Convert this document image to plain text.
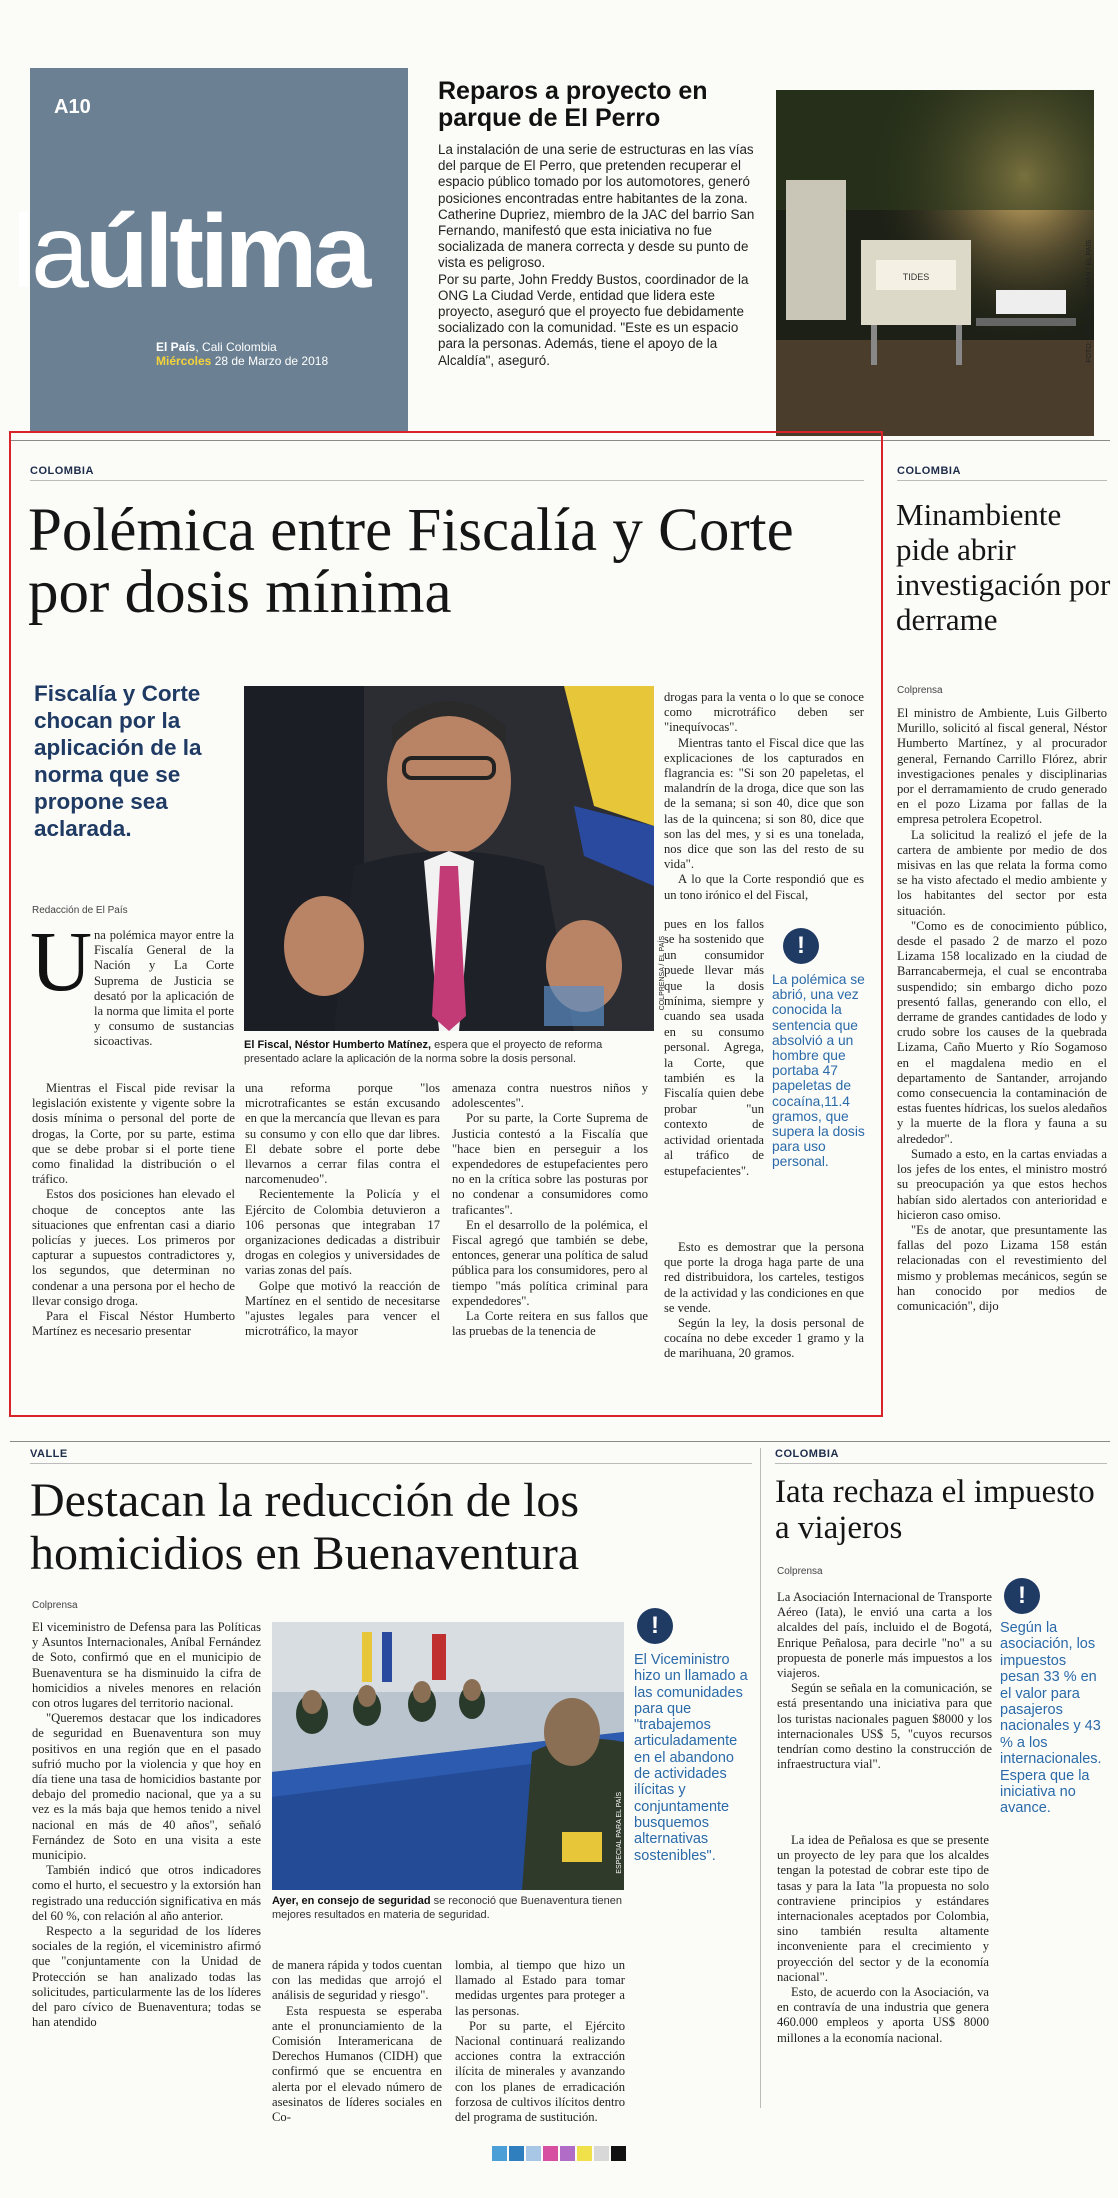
A10
laúltima
El País, Cali Colombia
Miércoles 28 de Marzo de 2018
Reparos a proyecto en parque de El Perro

La instalación de una serie de estructuras en las vías del parque de El Perro, que pretenden recuperar el espacio público tomado por los automotores, generó posiciones encontradas entre habitantes de la zona.

Catherine Dupriez, miembro de la JAC del barrio San Fernando, manifestó que esta iniciativa no fue socializada de manera correcta y desde su punto de vista es peligroso.

Por su parte, John Freddy Bustos, coordinador de la ONG La Ciudad Verde, entidad que lidera este proyecto, aseguró que el proyecto fue debidamente socializado con la comunidad. "Este es un espacio para la personas. Además, tiene el apoyo de la Alcaldía", aseguró.

TIDES	FOTO: JOSÉ LUIS GUZMÁN / EL PAÍS
COLOMBIA
Polémica entre Fiscalía y Corte por dosis mínima
Fiscalía y Corte chocan por la aplicación de la norma que se propone sea aclarada.
Redacción de El País
COLPRENSA / EL PAÍS
El Fiscal, Néstor Humberto Matínez, espera que el proyecto de reforma presentado aclare la aplicación de la norma sobre la dosis personal.
U na polémica mayor entre la Fiscalía General de la Nación y La Corte Suprema de Justicia se desató por la aplicación de la norma que limita el porte y consumo de sustancias sicoactivas.

Mientras el Fiscal pide revisar la legislación existente y vigente sobre la dosis mínima o personal del porte de drogas, la Corte, por su parte, estima que se debe probar si el porte tiene como finalidad la distribución o el tráfico.

Estos dos posiciones han elevado el choque de conceptos ante las situaciones que enfrentan casi a diario policías y jueces. Los primeros por capturar a supuestos contradictores y, los segundos, que determinan no condenar a una persona por el hecho de llevar consigo droga.

Para el Fiscal Néstor Humberto Martínez es necesario presentar

una reforma porque "los microtraficantes se están excusando en que la mercancía que llevan es para su consumo y con ello que dar libres. El debate sobre el porte debe llevarnos a cerrar filas contra el narcomenudeo".

Recientemente la Policía y el Ejército de Colombia detuvieron a 106 personas que integraban 17 organizaciones dedicadas a distribuir drogas en colegios y universidades de varias zonas del país.

Golpe que motivó la reacción de Martínez en el sentido de necesitarse "ajustes legales para vencer el microtráfico, la mayor

amenaza contra nuestros niños y adolescentes".

Por su parte, la Corte Suprema de Justicia contestó a la Fiscalía que "hace bien en perseguir a los expendedores de estupefacientes pero no en la crítica sobre las posturas por no condenar a consumidores como traficantes".

En el desarrollo de la polémica, el Fiscal agregó que también se debe, entonces, generar una política de salud pública para los consumidores, pero al tiempo "más política criminal para expendedores".

La Corte reitera en sus fallos que las pruebas de la tenencia de

drogas para la venta o lo que se conoce como microtráfico deben ser "inequívocas".

Mientras tanto el Fiscal dice que las explicaciones de los capturados en flagrancia es: "Si son 20 papeletas, el malandrín de la droga, dice que son las de la semana; si son 40, dice que son las de la quincena; si son 80, dice que son las del mes, y si es una tonelada, nos dice que son las del resto de su vida".

A lo que la Corte respondió que es un tono irónico el del Fiscal,

pues en los fallos se ha sostenido que un consumidor puede llevar más que la dosis mínima, siempre y cuando sea usada en su consumo personal. Agrega, la Corte, que también es la Fiscalía quien debe probar "un contexto de actividad orientada al tráfico de estupefacientes".

!
La polémica se abrió, una vez conocida la sentencia que absolvió a un hombre que portaba 47 papeletas de cocaína,11.4 gramos, que supera la dosis para uso personal.

Esto es demostrar que la persona que porte la droga haga parte de una red distribuidora, los carteles, testigos de la actividad y las condiciones en que se vende.

Según la ley, la dosis personal de cocaína no debe exceder 1 gramo y la de marihuana, 20 gramos.

COLOMBIA
Minambiente pide abrir investigación por derrame
Colprensa

El ministro de Ambiente, Luis Gilberto Murillo, solicitó al fiscal general, Néstor Humberto Martínez, y al procurador general, Fernando Carrillo Flórez, abrir investigaciones penales y disciplinarias por el derramamiento de crudo generado en el pozo Lizama por fallas de la empresa petrolera Ecopetrol.

La solicitud la realizó el jefe de la cartera de ambiente por medio de dos misivas en las que relata la forma como se ha visto afectado el medio ambiente y los habitantes del sector por esta situación.

"Como es de conocimiento público, desde el pasado 2 de marzo el pozo Lizama 158 localizado en la ciudad de Barrancabermeja, el cual se encontraba suspendido; sin embargo dicho pozo presentó fallas, generando con ello, el derrame de grandes cantidades de lodo y crudo sobre los causes de la quebrada Lizama, Caño Muerto y Río Sogamoso en el magdalena medio en el departamento de Santander, arrojando como consecuencia la contaminación de estas fuentes hídricas, los suelos aledaños y la muerte de la flora y fauna a su alrededor".

Sumado a esto, en la cartas enviadas a los jefes de los entes, el ministro mostró su preocupación ya que estos hechos habían sido alertados con anterioridad e hicieron caso omiso.

"Es de anotar, que presuntamente las fallas del pozo Lizama 158 están relacionadas con el revestimiento del mismo y problemas mecánicos, según se han conocido por medios de comunicación", dijo

VALLE
Destacan la reducción de los homicidios en Buenaventura
Colprensa

El viceministro de Defensa para las Políticas y Asuntos Internacionales, Aníbal Fernández de Soto, confirmó que en el municipio de Buenaventura se ha disminuido la cifra de homicidios a niveles menores en relación con otros lugares del territorio nacional.

"Queremos destacar que los indicadores de seguridad en Buenaventura son muy positivos en una región que en el pasado sufrió mucho por la violencia y que hoy en día tiene una tasa de homicidios bastante por debajo del promedio nacional, que ya a su vez es la más baja que hemos tenido a nivel nacional en más de 40 años", señaló Fernández de Soto en una visita a este municipio.

También indicó que otros indicadores como el hurto, el secuestro y la extorsión han registrado una reducción significativa en más del 60 %, con relación al año anterior.

Respecto a la seguridad de los líderes sociales de la región, el viceministro afirmó que "conjuntamente con la Unidad de Protección se han analizado todas las solicitudes, particularmente las de los líderes del paro cívico de Buenaventura; todas se han atendido

ESPECIAL PARA EL PAÍS
Ayer, en consejo de seguridad se reconoció que Buenaventura tienen mejores resultados en materia de seguridad.
!
El Viceministro hizo un llamado a las comunidades para que "trabajemos articuladamente en el abandono de actividades ilícitas y conjuntamente busquemos alternativas sostenibles".

de manera rápida y todos cuentan con las medidas que arrojó el análisis de seguridad y riesgo".

Esta respuesta se esperaba ante el pronunciamiento de la Comisión Interamericana de Derechos Humanos (CIDH) que confirmó que se encuentra en alerta por el elevado número de asesinatos de líderes sociales en Co-

lombia, al tiempo que hizo un llamado al Estado para tomar medidas urgentes para proteger a las personas.

Por su parte, el Ejército Nacional continuará realizando acciones contra la extracción ilícita de minerales y avanzando con los planes de erradicación forzosa de cultivos ilícitos dentro del programa de sustitución.

COLOMBIA
Iata rechaza el impuesto a viajeros
Colprensa

La Asociación Internacional de Transporte Aéreo (Iata), le envió una carta a los alcaldes del país, incluido el de Bogotá, Enrique Peñalosa, para decirle "no" a su propuesta de ponerle más impuestos a los viajeros.

Según se señala en la comunicación, se está presentando una iniciativa para que los turistas nacionales paguen $8000 y los internacionales US$ 5, "cuyos recursos tendrían como destino la construcción de infraestructura vial".

La idea de Peñalosa es que se presente un proyecto de ley para que los alcaldes tengan la potestad de cobrar este tipo de tasas y para la Iata "la propuesta no solo contraviene principios y estándares internacionales aceptados por Colombia, sino también resulta altamente inconveniente para el crecimiento y proyección del sector y de la economía nacional".

Esto, de acuerdo con la Asociación, va en contravía de una industria que genera 460.000 empleos y aporta US$ 8000 millones a la economía nacional.

!
Según la asociación, los impuestos pesan 33 % en el valor para pasajeros nacionales y 43 % a los internacionales. Espera que la iniciativa no avance.
